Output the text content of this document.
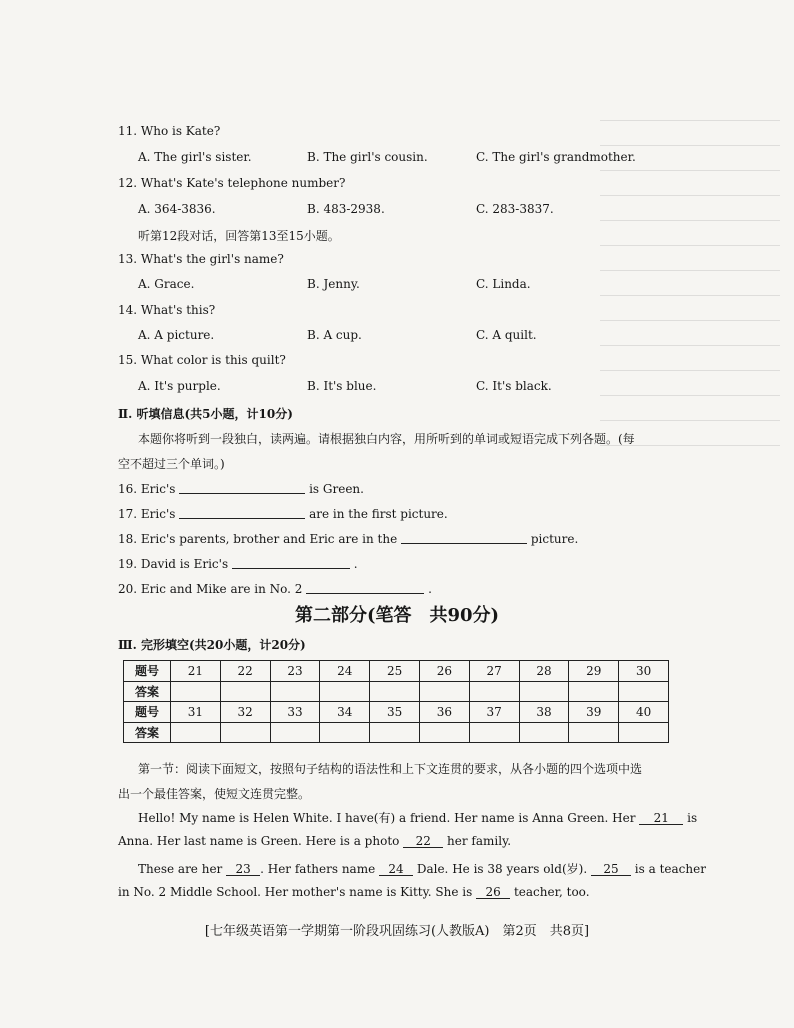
11. Who is Kate?
A. The girl's sister.	B. The girl's cousin.	C. The girl's grandmother.
12. What's Kate's telephone number?
A. 364-3836.	B. 483-2938.	C. 283-3837.
听第12段对话，回答第13至15小题。
13. What's the girl's name?
A. Grace.	B. Jenny.	C. Linda.
14. What's this?
A. A picture.	B. A cup.	C. A quilt.
15. What color is this quilt?
A. It's purple.	B. It's blue.	C. It's black.
Ⅱ. 听填信息(共5小题，计10分)
本题你将听到一段独白，读两遍。请根据独白内容，用所听到的单词或短语完成下列各题。(每
空不超过三个单词。)
16. Eric's	is Green.
17. Eric's	are in the first picture.
18. Eric's parents, brother and Eric are in the	picture.
19. David is Eric's	.
20. Eric and Mike are in No. 2	.
第二部分(笔答　共90分)
Ⅲ. 完形填空(共20小题，计20分)
题号	21	22	23	24	25	26	27	28	29	30
答案										
题号	31	32	33	34	35	36	37	38	39	40
答案										
第一节：阅读下面短文，按照句子结构的语法性和上下文连贯的要求，从各小题的四个选项中选
出一个最佳答案，使短文连贯完整。
Hello! My name is Helen White. I have(有) a friend. Her name is Anna Green. Her 21 is
Anna. Her last name is Green. Here is a photo 22 her family.
These are her 23 . Her fathers name 24 Dale. He is 38 years old(岁). 25 is a teacher
in No. 2 Middle School. Her mother's name is Kitty. She is 26 teacher, too.
[七年级英语第一学期第一阶段巩固练习(人教版A)　第2页　共8页]
